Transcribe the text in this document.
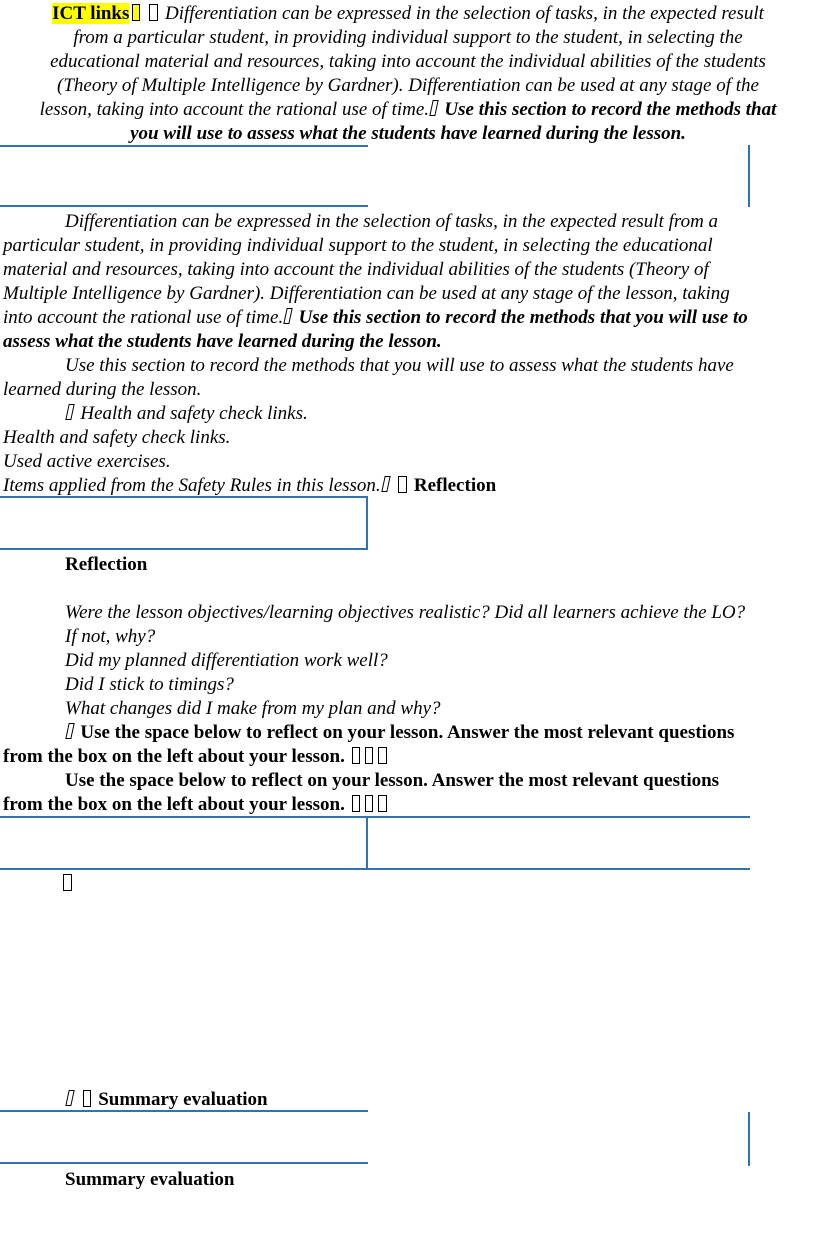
ICT links Differentiation can be expressed in the selection of tasks, in the expected result
from a particular student, in providing individual support to the student, in selecting the
educational material and resources, taking into account the individual abilities of the students
(Theory of Multiple Intelligence by Gardner). Differentiation can be used at any stage of the
lesson, taking into account the rational use of time. Use this section to record the methods that
you will use to assess what the students have learned during the lesson.
Differentiation can be expressed in the selection of tasks, in the expected result from a
particular student, in providing individual support to the student, in selecting the educational
material and resources, taking into account the individual abilities of the students (Theory of
Multiple Intelligence by Gardner). Differentiation can be used at any stage of the lesson, taking
into account the rational use of time. Use this section to record the methods that you will use to
assess what the students have learned during the lesson.
Use this section to record the methods that you will use to assess what the students have
learned during the lesson.
Health and safety check links.
Health and safety check links.
Used active exercises.
Items applied from the Safety Rules in this lesson. Reflection
Reflection
Were the lesson objectives/learning objectives realistic? Did all learners achieve the LO?
If not, why?
Did my planned differentiation work well?
Did I stick to timings?
What changes did I make from my plan and why?
Use the space below to reflect on your lesson. Answer the most relevant questions
from the box on the left about your lesson.
Use the space below to reflect on your lesson. Answer the most relevant questions
from the box on the left about your lesson.
Summary evaluation
Summary evaluation
